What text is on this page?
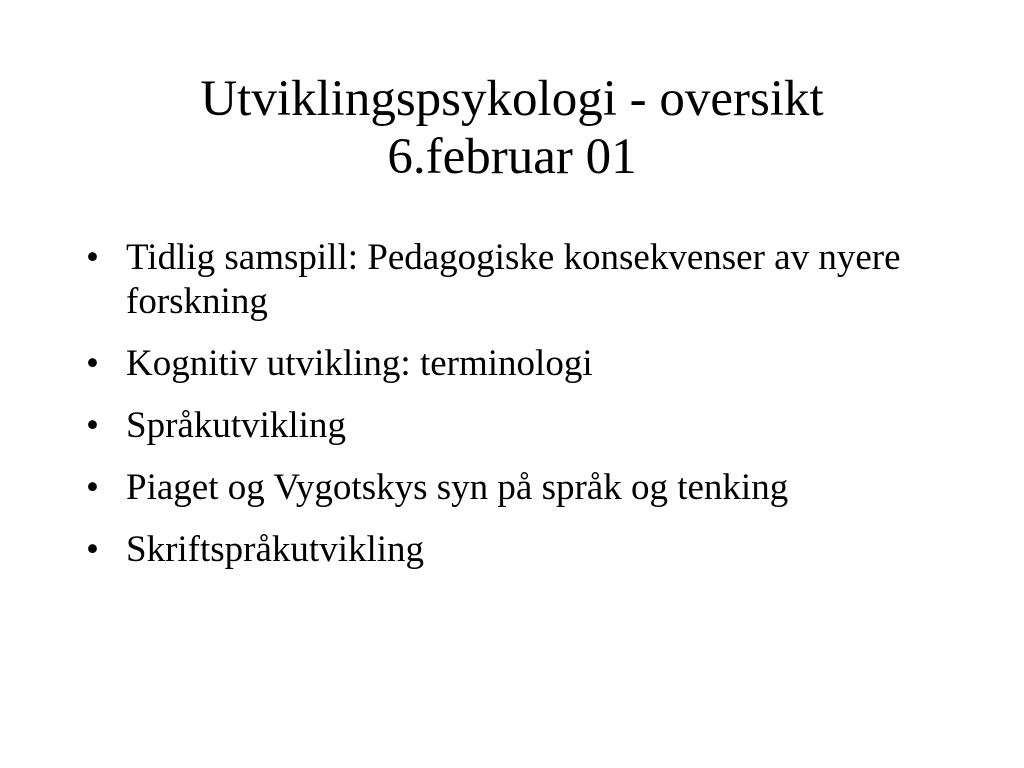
Utviklingspsykologi - oversikt
6.februar 01
• Tidlig samspill: Pedagogiske konsekvenser av nyere forskning
• Kognitiv utvikling: terminologi
• Språkutvikling
• Piaget og Vygotskys syn på språk og tenking
• Skriftspråkutvikling
